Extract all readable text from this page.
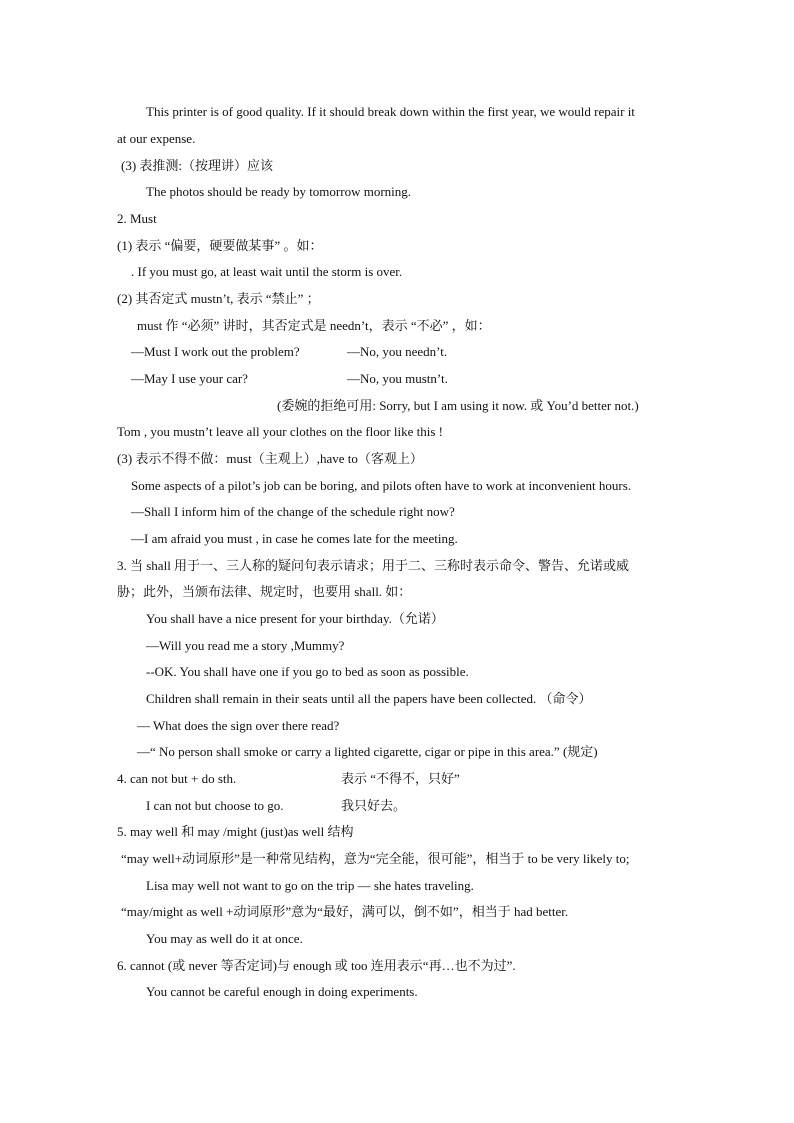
This printer is of good quality. If it should break down within the first year, we would repair it
at our expense.
(3) 表推测:（按理讲）应该
The photos should be ready by tomorrow morning.
2. Must
(1) 表示 “偏要，硬要做某事” 。如：
. If you must go, at least wait until the storm is over.
(2) 其否定式 mustn’t, 表示 “禁止” ；
must 作 “必须” 讲时，其否定式是 needn’t，表示 “不必” ，如：
—Must I work out the problem?	—No, you needn’t.
—May I use your car?	—No, you mustn’t.
(委婉的拒绝可用: Sorry, but I am using it now. 或 You’d better not.)
Tom , you mustn’t leave all your clothes on the floor like this !
(3) 表示不得不做：must（主观上）,have to（客观上）
Some aspects of a pilot’s job can be boring, and pilots often have to work at inconvenient hours.
—Shall I inform him of the change of the schedule right now?
—I am afraid you must , in case he comes late for the meeting.
3. 当 shall 用于一、三人称的疑问句表示请求；用于二、三称时表示命令、警告、允诺或威
胁；此外，当颁布法律、规定时，也要用 shall. 如：
You shall have a nice present for your birthday.（允诺）
—Will you read me a story ,Mummy?
--OK. You shall have one if you go to bed as soon as possible.
Children shall remain in their seats until all the papers have been collected. （命令）
— What does the sign over there read?
—“ No person shall smoke or carry a lighted cigarette, cigar or pipe in this area.” (规定)
4. can not but + do sth.	表示 “不得不，只好”
I can not but choose to go.	我只好去。
5. may well 和 may /might (just)as well 结构
“may well+动词原形”是一种常见结构，意为“完全能，很可能”，相当于 to be very likely to;
Lisa may well not want to go on the trip — she hates traveling.
“may/might as well +动词原形”意为“最好，满可以，倒不如”，相当于 had better.
You may as well do it at once.
6. cannot (或 never 等否定词)与 enough 或 too 连用表示“再…也不为过”.
You cannot be careful enough in doing experiments.
